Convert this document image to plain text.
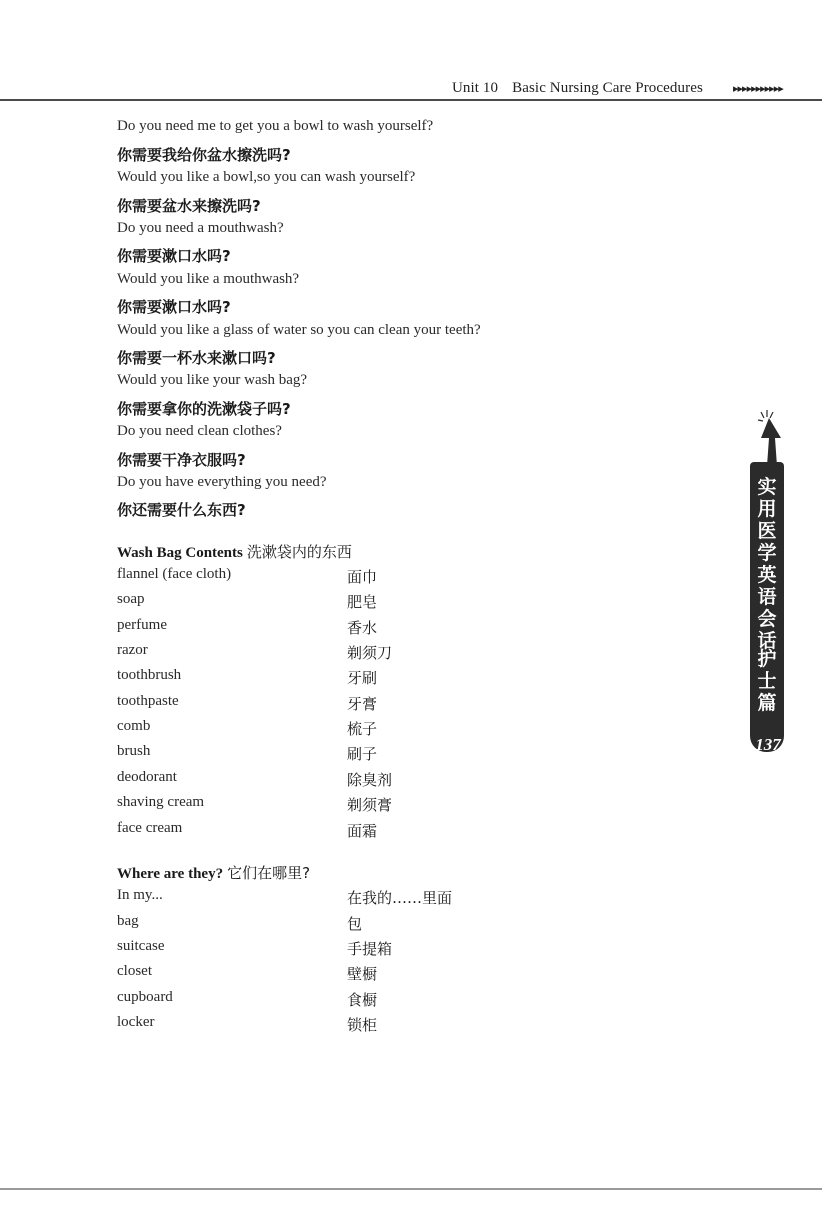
Unit 10 Basic Nursing Care Procedures	▸▸▸▸▸▸▸▸▸▸▸
Do you need me to get you a bowl to wash yourself?
你需要我给你盆水擦洗吗?
Would you like a bowl,so you can wash yourself?
你需要盆水来擦洗吗?
Do you need a mouthwash?
你需要漱口水吗?
Would you like a mouthwash?
你需要漱口水吗?
Would you like a glass of water so you can clean your teeth?
你需要一杯水来漱口吗?
Would you like your wash bag?
你需要拿你的洗漱袋子吗?
Do you need clean clothes?
你需要干净衣服吗?
Do you have everything you need?
你还需要什么东西?
Wash Bag Contents 洗漱袋内的东西
flannel (face cloth)	面巾
soap	肥皂
perfume	香水
razor	剃须刀
toothbrush	牙刷
toothpaste	牙膏
comb	梳子
brush	刷子
deodorant	除臭剂
shaving cream	剃须膏
face cream	面霜
Where are they? 它们在哪里?
In my...	在我的……里面
bag	包
suitcase	手提箱
closet	壁橱
cupboard	食橱
locker	锁柜
实用医学英语会话
护士篇
137
